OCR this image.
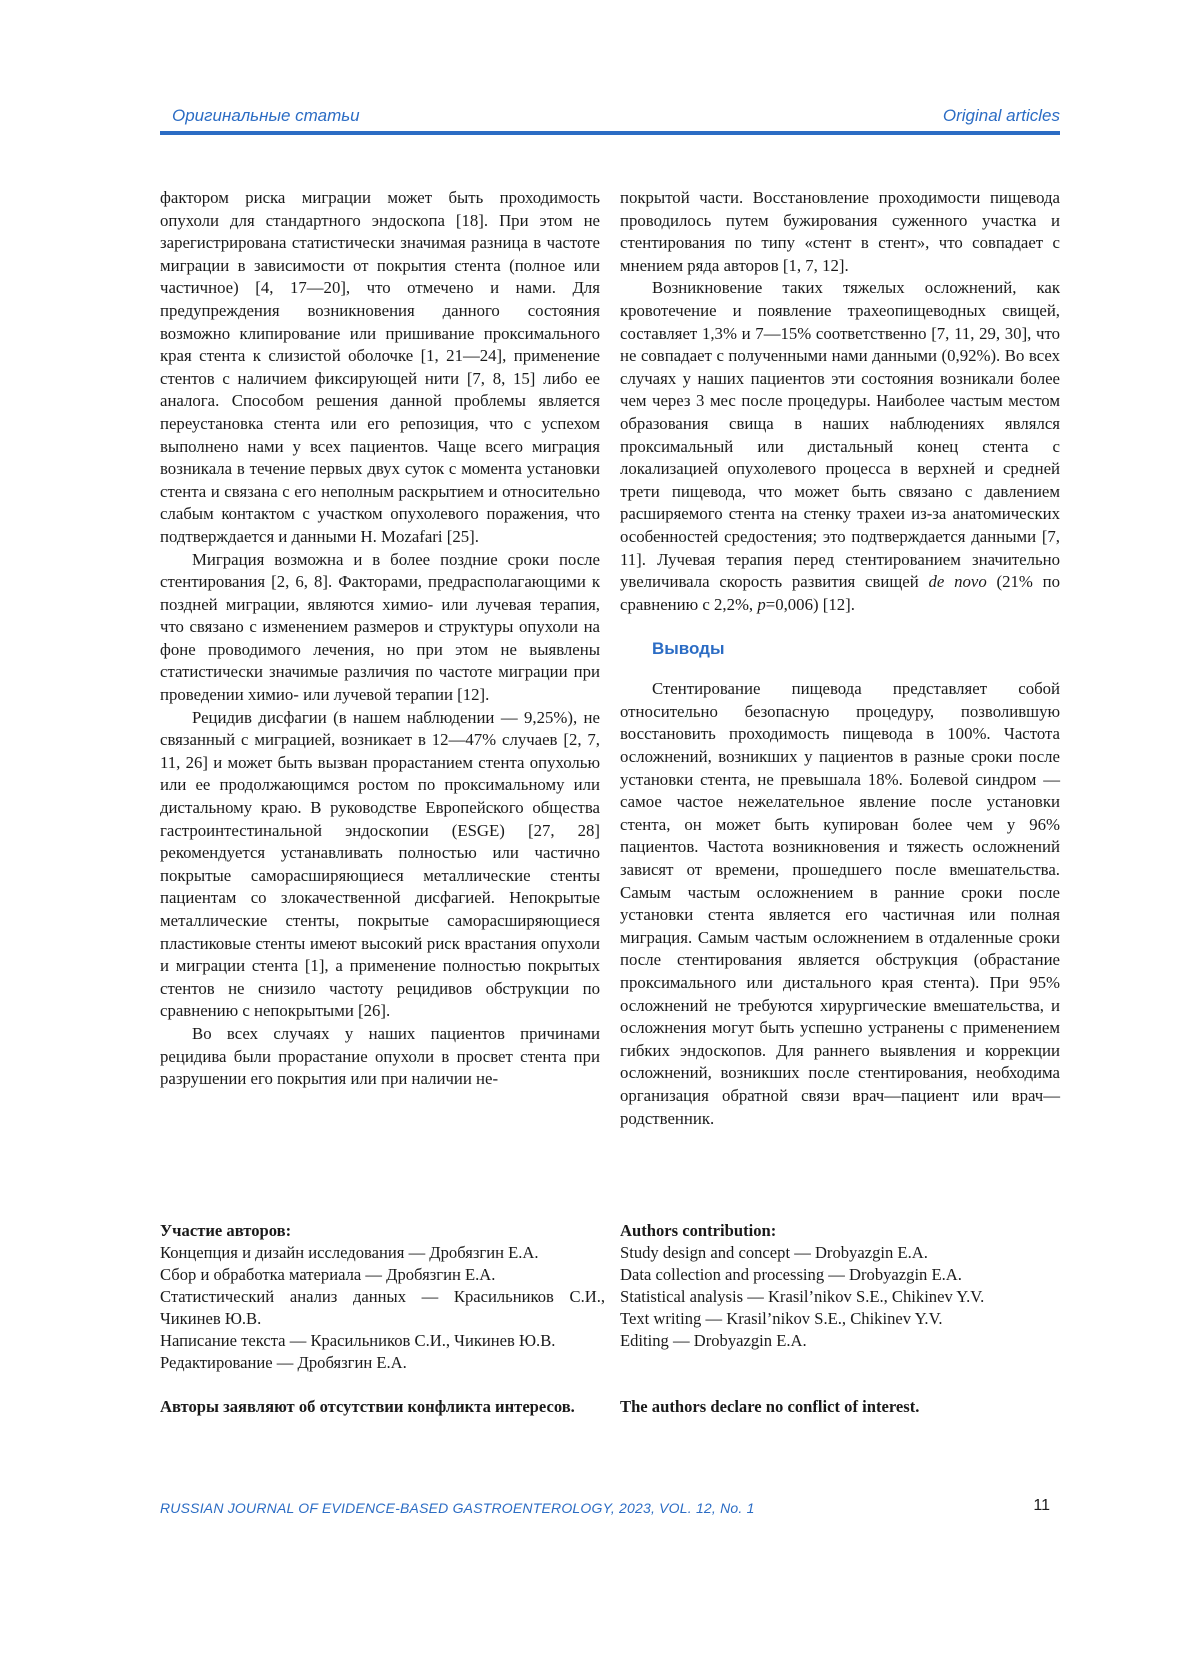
Оригинальные статьи	Original articles

фактором риска миграции может быть проходимость опухоли для стандартного эндоскопа [18]. При этом не зарегистрирована статистически значимая разница в частоте миграции в зависимости от покрытия стента (полное или частичное) [4, 17—20], что отмечено и нами. Для предупреждения возникновения данного состояния возможно клипирование или пришивание проксимального края стента к слизистой оболочке [1, 21—24], применение стентов с наличием фиксирующей нити [7, 8, 15] либо ее аналога. Способом решения данной проблемы является переустановка стента или его репозиция, что с успехом выполнено нами у всех пациентов. Чаще всего миграция возникала в течение первых двух суток с момента установки стента и связана с его неполным раскрытием и относительно слабым контактом с участком опухолевого поражения, что подтверждается и данными H. Mozafari [25].

Миграция возможна и в более поздние сроки после стентирования [2, 6, 8]. Факторами, предрасполагающими к поздней миграции, являются химио- или лучевая терапия, что связано с изменением размеров и структуры опухоли на фоне проводимого лечения, но при этом не выявлены статистически значимые различия по частоте миграции при проведении химио- или лучевой терапии [12].

Рецидив дисфагии (в нашем наблюдении — 9,25%), не связанный с миграцией, возникает в 12—47% случаев [2, 7, 11, 26] и может быть вызван прорастанием стента опухолью или ее продолжающимся ростом по проксимальному или дистальному краю. В руководстве Европейского общества гастроинтестинальной эндоскопии (ESGE) [27, 28] рекомендуется устанавливать полностью или частично покрытые саморасширяющиеся металлические стенты пациентам со злокачественной дисфагией. Непокрытые металлические стенты, покрытые саморасширяющиеся пластиковые стенты имеют высокий риск врастания опухоли и миграции стента [1], а применение полностью покрытых стентов не снизило частоту рецидивов обструкции по сравнению с непокрытыми [26].

Во всех случаях у наших пациентов причинами рецидива были прорастание опухоли в просвет стента при разрушении его покрытия или при наличии не-

покрытой части. Восстановление проходимости пищевода проводилось путем бужирования суженного участка и стентирования по типу «стент в стент», что совпадает с мнением ряда авторов [1, 7, 12].

Возникновение таких тяжелых осложнений, как кровотечение и появление трахеопищеводных свищей, составляет 1,3% и 7—15% соответственно [7, 11, 29, 30], что не совпадает с полученными нами данными (0,92%). Во всех случаях у наших пациентов эти состояния возникали более чем через 3 мес после процедуры. Наиболее частым местом образования свища в наших наблюдениях являлся проксимальный или дистальный конец стента с локализацией опухолевого процесса в верхней и средней трети пищевода, что может быть связано с давлением расширяемого стента на стенку трахеи из-за анатомических особенностей средостения; это подтверждается данными [7, 11]. Лучевая терапия перед стентированием значительно увеличивала скорость развития свищей de novo (21% по сравнению с 2,2%, p=0,006) [12].

Выводы

Стентирование пищевода представляет собой относительно безопасную процедуру, позволившую восстановить проходимость пищевода в 100%. Частота осложнений, возникших у пациентов в разные сроки после установки стента, не превышала 18%. Болевой синдром — самое частое нежелательное явление после установки стента, он может быть купирован более чем у 96% пациентов. Частота возникновения и тяжесть осложнений зависят от времени, прошедшего после вмешательства. Самым частым осложнением в ранние сроки после установки стента является его частичная или полная миграция. Самым частым осложнением в отдаленные сроки после стентирования является обструкция (обрастание проксимального или дистального края стента). При 95% осложнений не требуются хирургические вмешательства, и осложнения могут быть успешно устранены с применением гибких эндоскопов. Для раннего выявления и коррекции осложнений, возникших после стентирования, необходима организация обратной связи врач—пациент или врач—родственник.

Участие авторов:
Концепция и дизайн исследования — Дробязгин Е.А.
Сбор и обработка материала — Дробязгин Е.А.
Статистический анализ данных — Красильников С.И., Чикинев Ю.В.
Написание текста — Красильников С.И., Чикинев Ю.В.
Редактирование — Дробязгин Е.А.
Authors contribution:
Study design and concept — Drobyazgin E.A.
Data collection and processing — Drobyazgin E.A.
Statistical analysis — Krasil’nikov S.E., Chikinev Y.V.
Text writing — Krasil’nikov S.E., Chikinev Y.V.
Editing — Drobyazgin E.A.
Авторы заявляют об отсутствии конфликта интересов.	The authors declare no conflict of interest.
RUSSIAN JOURNAL OF EVIDENCE-BASED GASTROENTEROLOGY, 2023, VOL. 12, No. 1	11
